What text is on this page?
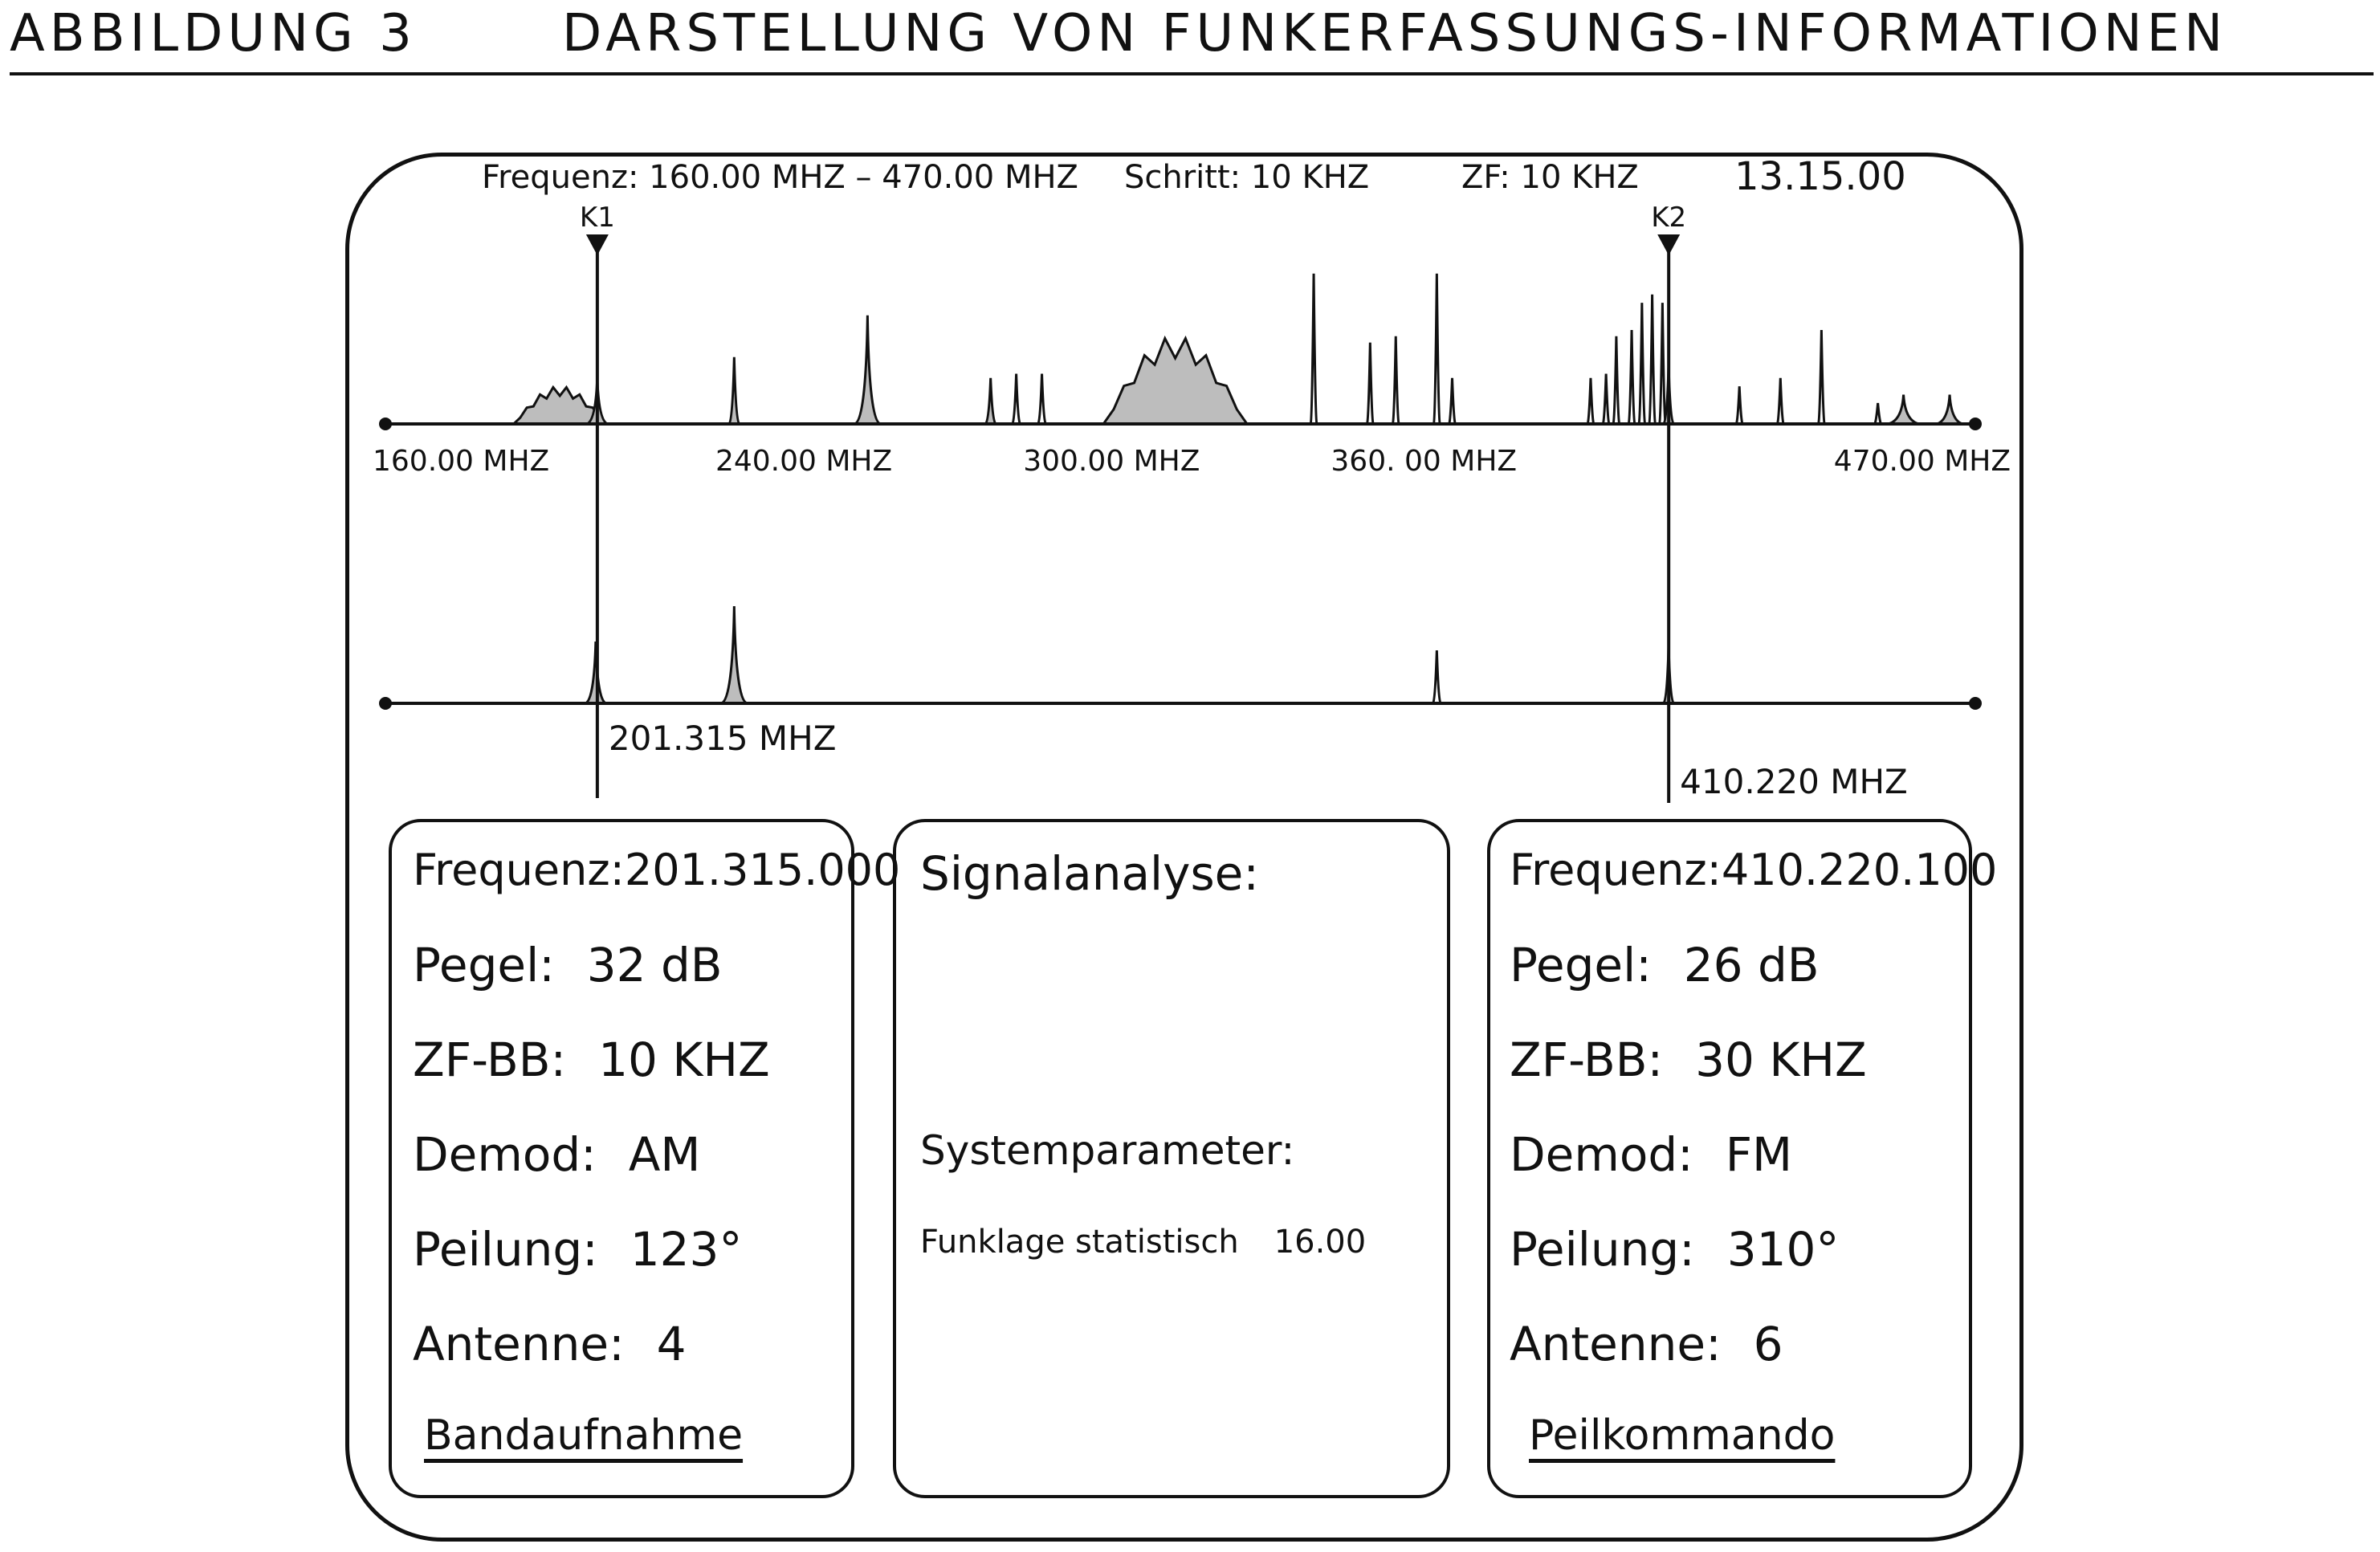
ABBILDUNG 3	DARSTELLUNG VON FUNKERFASSUNGS-INFORMATIONEN
Frequenz: 160.00 MHZ – 470.00 MHZ Schritt: 10 KHZ	ZF: 10 KHZ 13.15.00
160.00 MHZ	240.00 MHZ	300.00 MHZ	360. 00 MHZ	470.00 MHZ
K1
201.315 MHZ
K2
410.220 MHZ
Frequenz:201.315.000
Pegel: 32 dB
ZF-BB: 10 KHZ
Demod: AM
Peilung: 123°
Antenne: 4
Bandaufnahme
Signalanalyse:
Systemparameter:
Funklage statistisch 16.00
Frequenz:410.220.100
Pegel: 26 dB
ZF-BB: 30 KHZ
Demod: FM
Peilung: 310°
Antenne: 6
Peilkommando
